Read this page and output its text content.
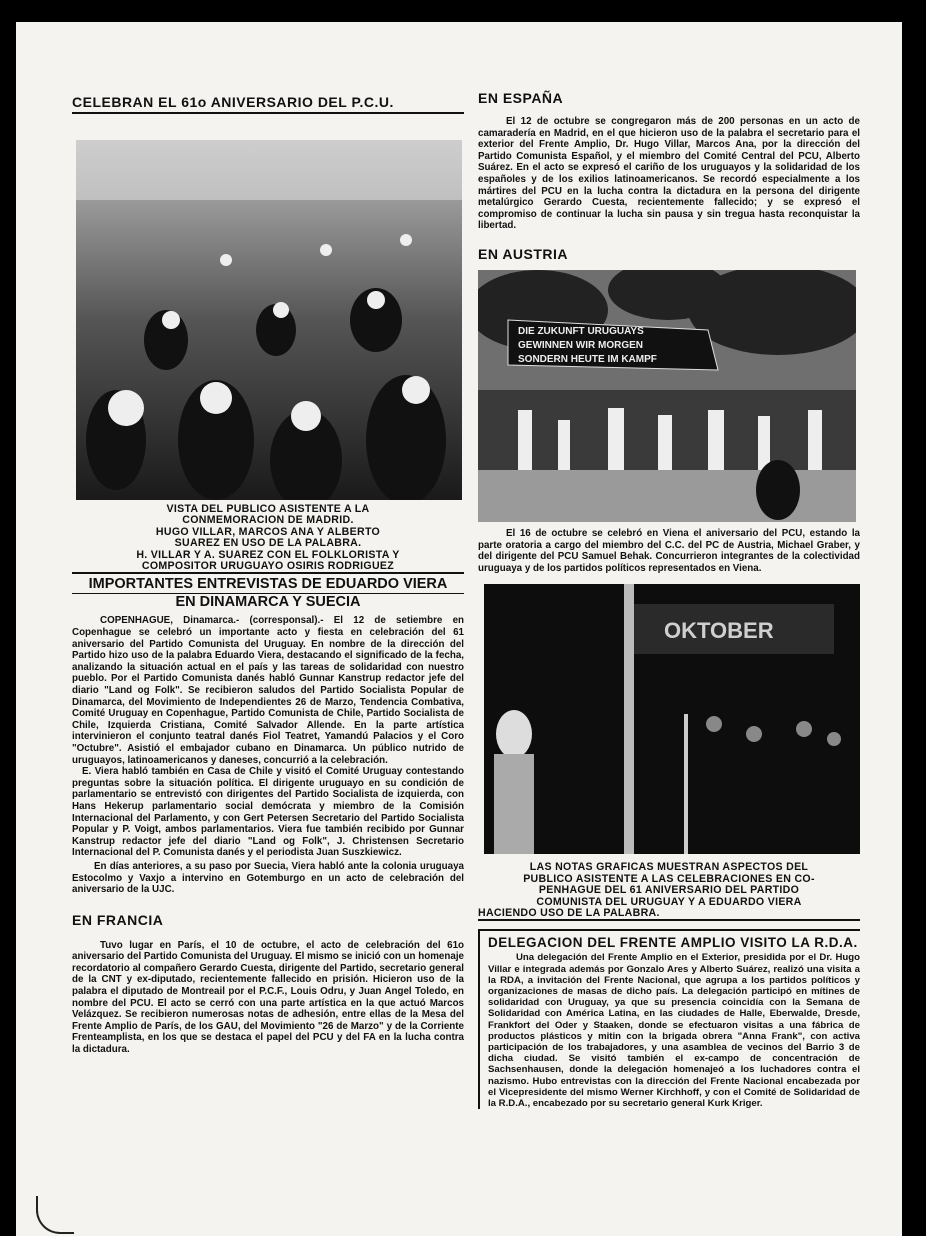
CELEBRAN EL 61o ANIVERSARIO DEL P.C.U.

VISTA DEL PUBLICO ASISTENTE A LA

CONMEMORACION DE MADRID.

HUGO VILLAR, MARCOS ANA Y ALBERTO

SUAREZ EN USO DE LA PALABRA.

H. VILLAR Y A. SUAREZ CON EL FOLKLORISTA Y

COMPOSITOR URUGUAYO OSIRIS RODRIGUEZ

IMPORTANTES ENTREVISTAS DE EDUARDO VIERA
EN DINAMARCA Y SUECIA

COPENHAGUE, Dinamarca.- (corresponsal).- El 12 de setiembre en Copenhague se celebró un importante acto y fiesta en celebración del 61 aniversario del Partido Comunista del Uruguay. En nombre de la dirección del Partido hizo uso de la palabra Eduardo Viera, destacando el significado de la fecha, analizando la situación actual en el país y las tareas de solidaridad con nuestro pueblo. Por el Partido Comunista danés habló Gunnar Kanstrup redactor jefe del diario "Land og Folk". Se recibieron saludos del Partido Socialista Popular de Dinamarca, del Movimiento de Independientes 26 de Marzo, Tendencia Combativa, Comité Uruguay en Copenhague, Partido Comunista de Chile, Partido Socialista de Chile, Izquierda Cristiana, Comité Salvador Allende. En la parte artística intervinieron el conjunto teatral danés Fiol Teatret, Yamandú Palacios y el Coro "Octubre". Asistió el embajador cubano en Dinamarca. Un público nutrido de uruguayos, latinoamericanos y daneses, concurrió a la celebración.

E. Viera habló también en Casa de Chile y visitó el Comité Uruguay contestando preguntas sobre la situación política. El dirigente uruguayo en su condición de parlamentario se entrevistó con dirigentes del Partido Socialista de izquierda, con Hans Hekerup parlamentario social demócrata y miembro de la Comisión Internacional del Parlamento, y con Gert Petersen Secretario del Partido Socialista Popular y P. Voigt, ambos parlamentarios. Viera fue también recibido por Gunnar Kanstrup redactor jefe del diario "Land og Folk", J. Christensen Secretario Internacional del P. Comunista danés y el periodista Juan Suszkiewicz.

En días anteriores, a su paso por Suecia, Viera habló ante la colonia uruguaya Estocolmo y Vaxjo a intervino en Gotemburgo en un acto de celebración del aniversario de la UJC.

EN FRANCIA

Tuvo lugar en París, el 10 de octubre, el acto de celebración del 61o aniversario del Partido Comunista del Uruguay. El mismo se inició con un homenaje recordatorio al compañero Gerardo Cuesta, dirigente del Partido, secretario general de la CNT y ex-diputado, recientemente fallecido en prisión. Hicieron uso de la palabra el diputado de Montreail por el P.C.F., Louis Odru, y Juan Angel Toledo, en nombre del PCU. El acto se cerró con una parte artística en la que actuó Marcos Velázquez. Se recibieron numerosas notas de adhesión, entre ellas de la Mesa del Frente Amplio de París, de los GAU, del Movimiento "26 de Marzo" y de la Corriente Frenteamplista, en los que se destaca el papel del PCU y del FA en la lucha contra la dictadura.

EN ESPAÑA

El 12 de octubre se congregaron más de 200 personas en un acto de camaradería en Madrid, en el que hicieron uso de la palabra el secretario para el exterior del Frente Amplio, Dr. Hugo Villar, Marcos Ana, por la dirección del Partido Comunista Español, y el miembro del Comité Central del PCU, Alberto Suárez. En el acto se expresó el cariño de los uruguayos y la solidaridad de los españoles y de los exilios latinoamericanos. Se recordó especialmente a los mártires del PCU en la lucha contra la dictadura en la persona del dirigente metalúrgico Gerardo Cuesta, recientemente fallecido; y se expresó el compromiso de continuar la lucha sin pausa y sin tregua hasta reconquistar la libertad.

EN AUSTRIA
DIE ZUKUNFT URUGUAYS
GEWINNEN WIR MORGEN
SONDERN HEUTE IM KAMPF

El 16 de octubre se celebró en Viena el aniversario del PCU, estando la parte oratoria a cargo del miembro del C.C. del PC de Austria, Michael Graber, y del dirigente del PCU Samuel Behak. Concurrieron integrantes de la colectividad uruguaya y de los partidos políticos representados en Viena.

OKTOBER

LAS NOTAS GRAFICAS MUESTRAN ASPECTOS DEL

PUBLICO ASISTENTE A LAS CELEBRACIONES EN CO-

PENHAGUE DEL 61 ANIVERSARIO DEL PARTIDO

COMUNISTA DEL URUGUAY Y A EDUARDO VIERA

HACIENDO USO DE LA PALABRA.

DELEGACION DEL FRENTE AMPLIO VISITO LA R.D.A.

Una delegación del Frente Amplio en el Exterior, presidida por el Dr. Hugo Villar e integrada además por Gonzalo Ares y Alberto Suárez, realizó una visita a la RDA, a invitación del Frente Nacional, que agrupa a los partidos políticos y organizaciones de masas de dicho país. La delegación participó en mítines de solidaridad con Uruguay, ya que su presencia coincidía con la Semana de Solidaridad con América Latina, en las ciudades de Halle, Eberwalde, Dresde, Frankfort del Oder y Staaken, donde se efectuaron visitas a una fábrica de productos plásticos y mitin con la brigada obrera "Anna Frank", con activa participación de los trabajadores, y una asamblea de vecinos del Barrio 3 de dicha ciudad. Se visitó también el ex-campo de concentración de Sachsenhausen, donde la delegación homenajeó a los luchadores contra el nazismo. Hubo entrevistas con la dirección del Frente Nacional encabezada por el Vicepresidente del mismo Werner Kirchhoff, y con el Comité de Solidaridad de la R.D.A., encabezado por su secretario general Kurk Kriger.
